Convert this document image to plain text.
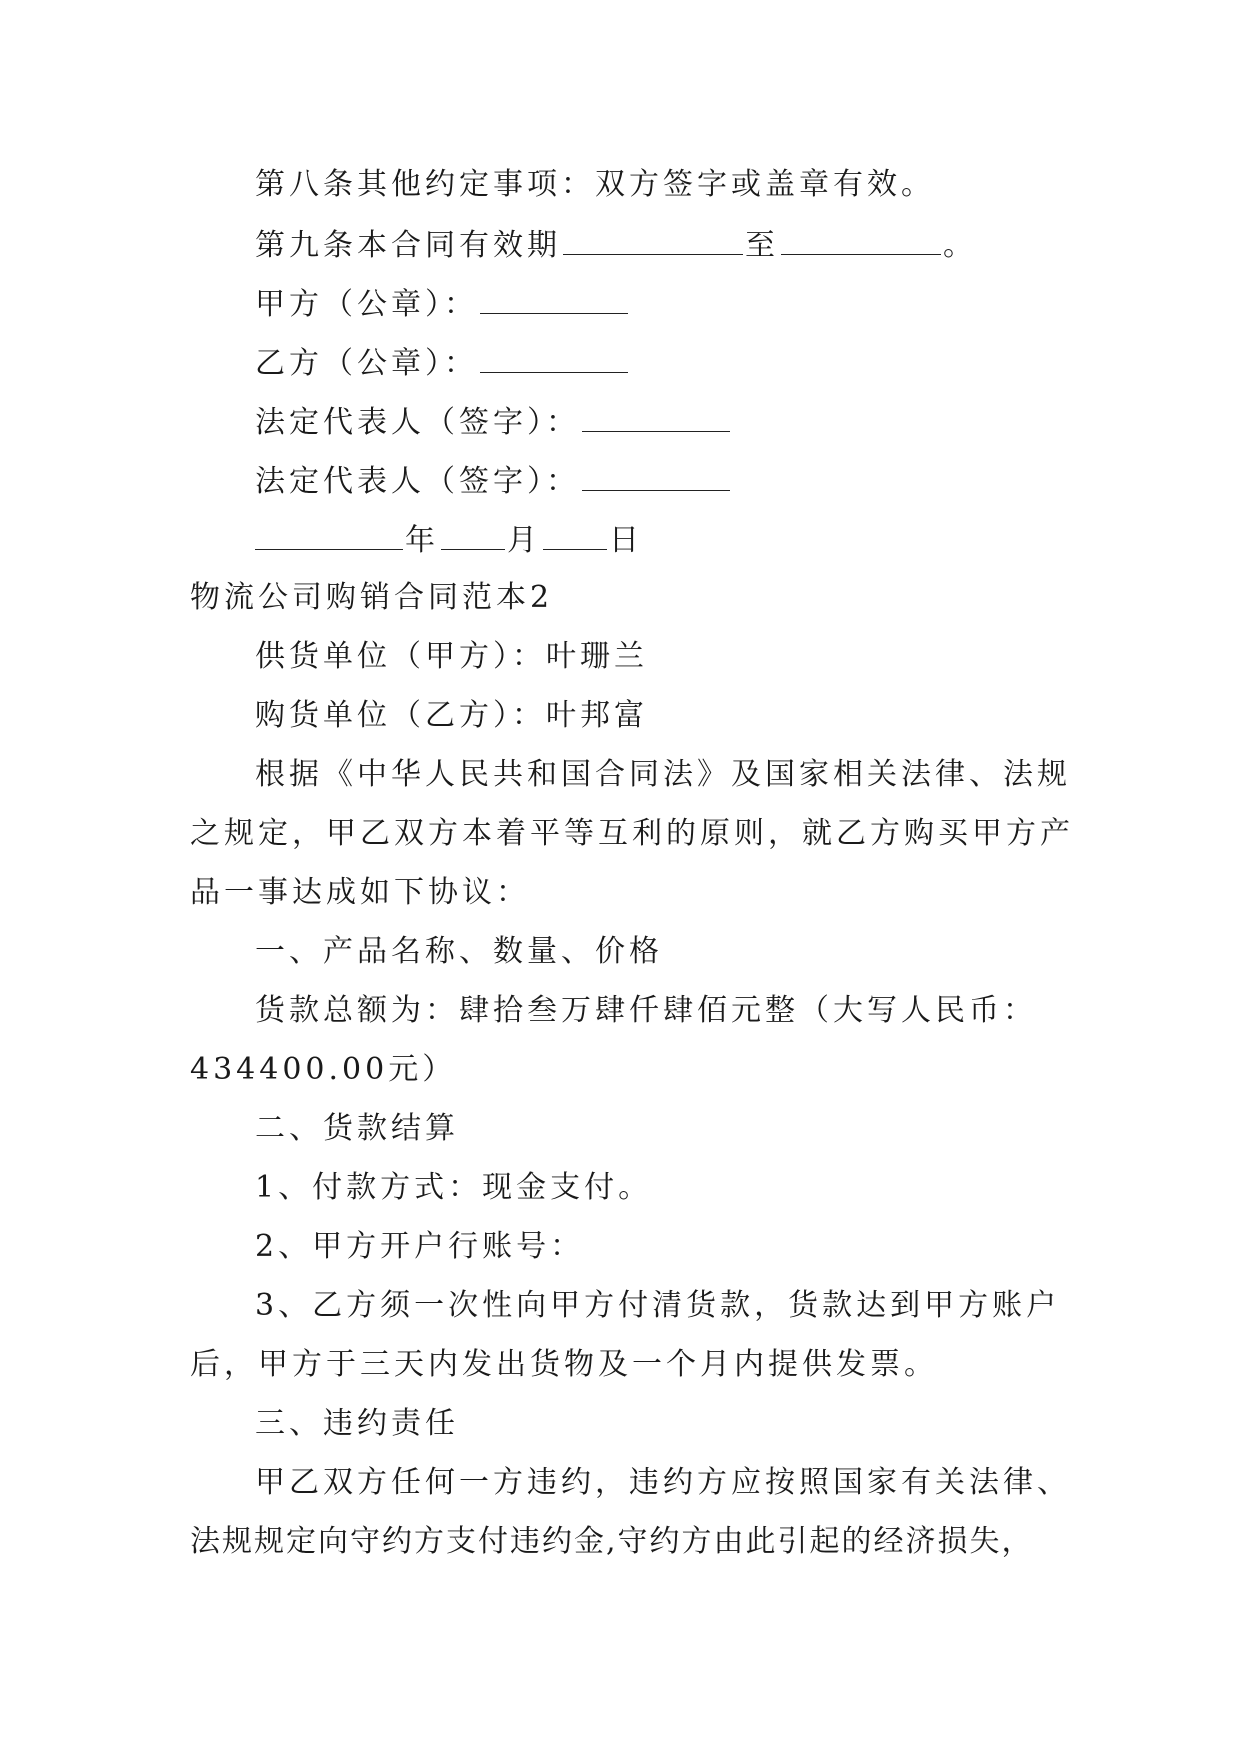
第八条其他约定事项：双方签字或盖章有效。
第九条本合同有效期	至	。
甲方（公章）：
乙方（公章）：
法定代表人（签字）：
法定代表人（签字）：
年 月 日
物流公司购销合同范本2
供货单位（甲方）：叶珊兰
购货单位（乙方）：叶邦富
根据《中华人民共和国合同法》及国家相关法律、法规
之规定，甲乙双方本着平等互利的原则，就乙方购买甲方产
品一事达成如下协议：
一、产品名称、数量、价格
货款总额为：肆拾叁万肆仟肆佰元整（大写人民币：
434400.00元）
二、货款结算
1、付款方式：现金支付。
2、甲方开户行账号：
3、乙方须一次性向甲方付清货款，货款达到甲方账户
后，甲方于三天内发出货物及一个月内提供发票。
三、违约责任
甲乙双方任何一方违约，违约方应按照国家有关法律、
法规规定向守约方支付违约金,守约方由此引起的经济损失，
